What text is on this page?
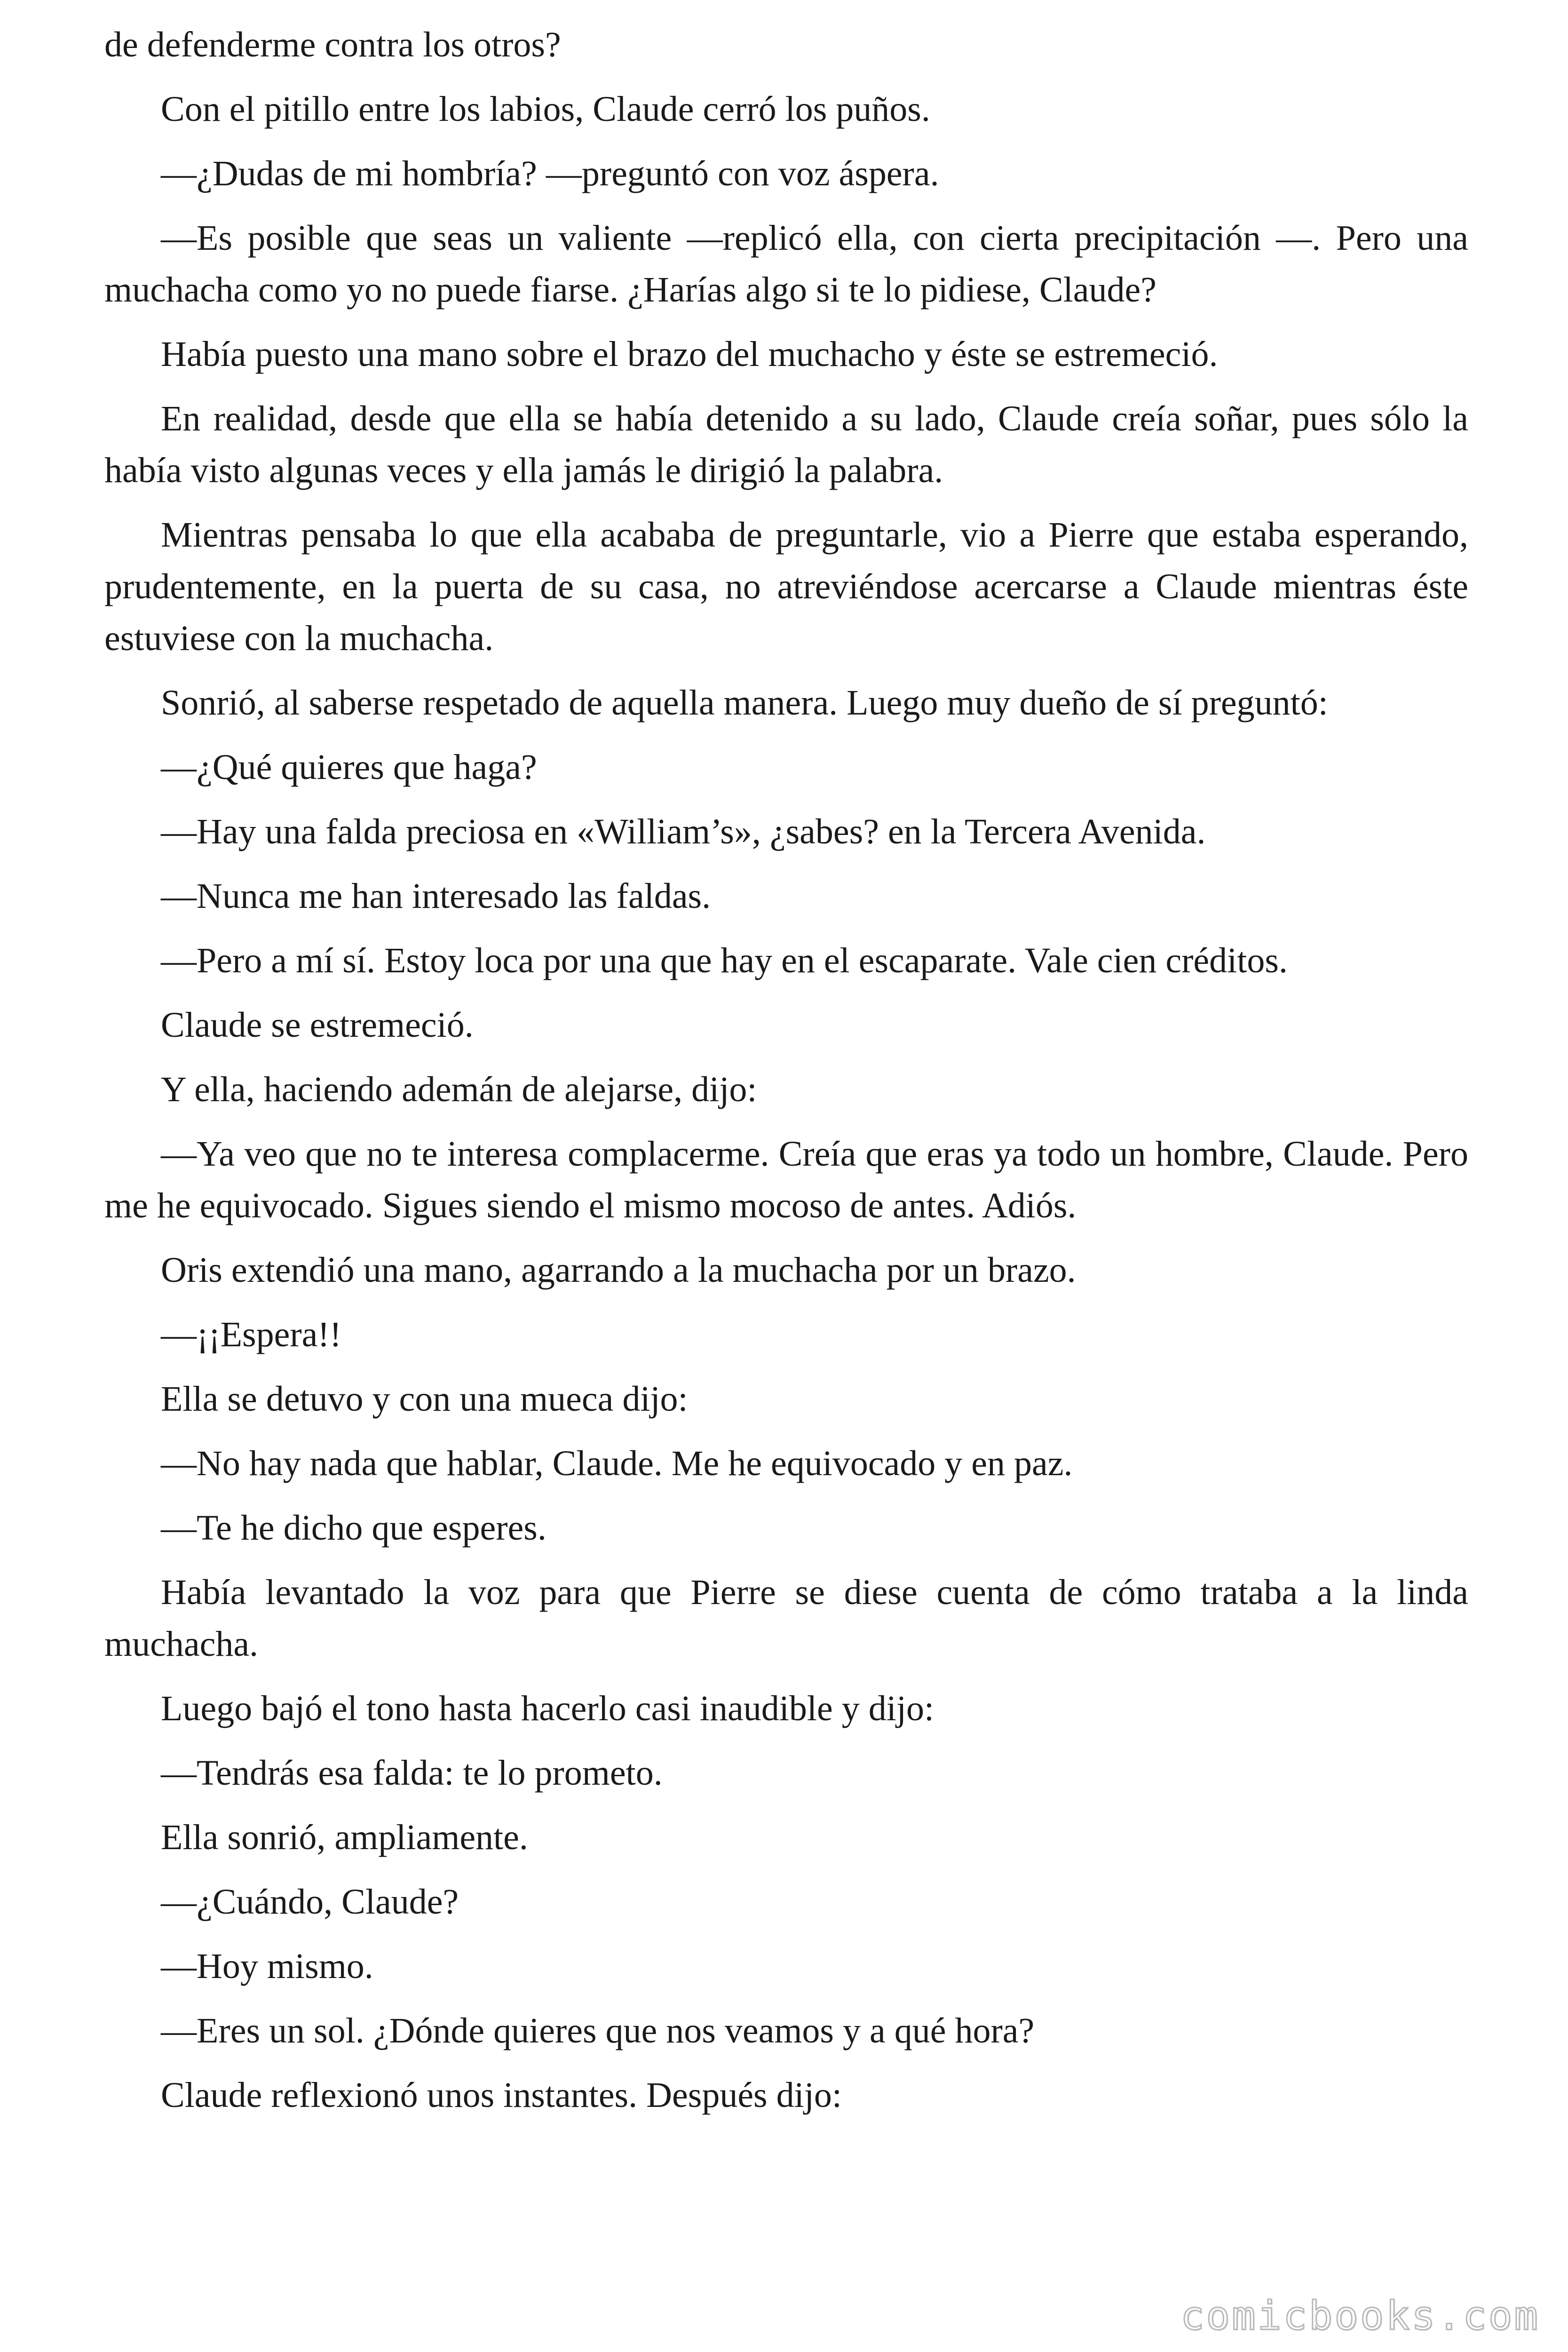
de defenderme contra los otros?

Con el pitillo entre los labios, Claude cerró los puños.

—¿Dudas de mi hombría? —preguntó con voz áspera.

—Es posible que seas un valiente —replicó ella, con cierta precipitación —. Pero una muchacha como yo no puede fiarse. ¿Harías algo si te lo pidiese, Claude?

Había puesto una mano sobre el brazo del muchacho y éste se estremeció.

En realidad, desde que ella se había detenido a su lado, Claude creía soñar, pues sólo la había visto algunas veces y ella jamás le dirigió la palabra.

Mientras pensaba lo que ella acababa de preguntarle, vio a Pierre que estaba esperando, prudentemente, en la puerta de su casa, no atreviéndose acercarse a Claude mientras éste estuviese con la muchacha.

Sonrió, al saberse respetado de aquella manera. Luego muy dueño de sí preguntó:

—¿Qué quieres que haga?

—Hay una falda preciosa en «William’s», ¿sabes? en la Tercera Avenida.

—Nunca me han interesado las faldas.

—Pero a mí sí. Estoy loca por una que hay en el escaparate. Vale cien créditos.

Claude se estremeció.

Y ella, haciendo ademán de alejarse, dijo:

—Ya veo que no te interesa complacerme. Creía que eras ya todo un hombre, Claude. Pero me he equivocado. Sigues siendo el mismo mocoso de antes. Adiós.

Oris extendió una mano, agarrando a la muchacha por un brazo.

—¡¡Espera!!

Ella se detuvo y con una mueca dijo:

—No hay nada que hablar, Claude. Me he equivocado y en paz.

—Te he dicho que esperes.

Había levantado la voz para que Pierre se diese cuenta de cómo trataba a la linda muchacha.

Luego bajó el tono hasta hacerlo casi inaudible y dijo:

—Tendrás esa falda: te lo prometo.

Ella sonrió, ampliamente.

—¿Cuándo, Claude?

—Hoy mismo.

—Eres un sol. ¿Dónde quieres que nos veamos y a qué hora?

Claude reflexionó unos instantes. Después dijo:

comicbooks.com
